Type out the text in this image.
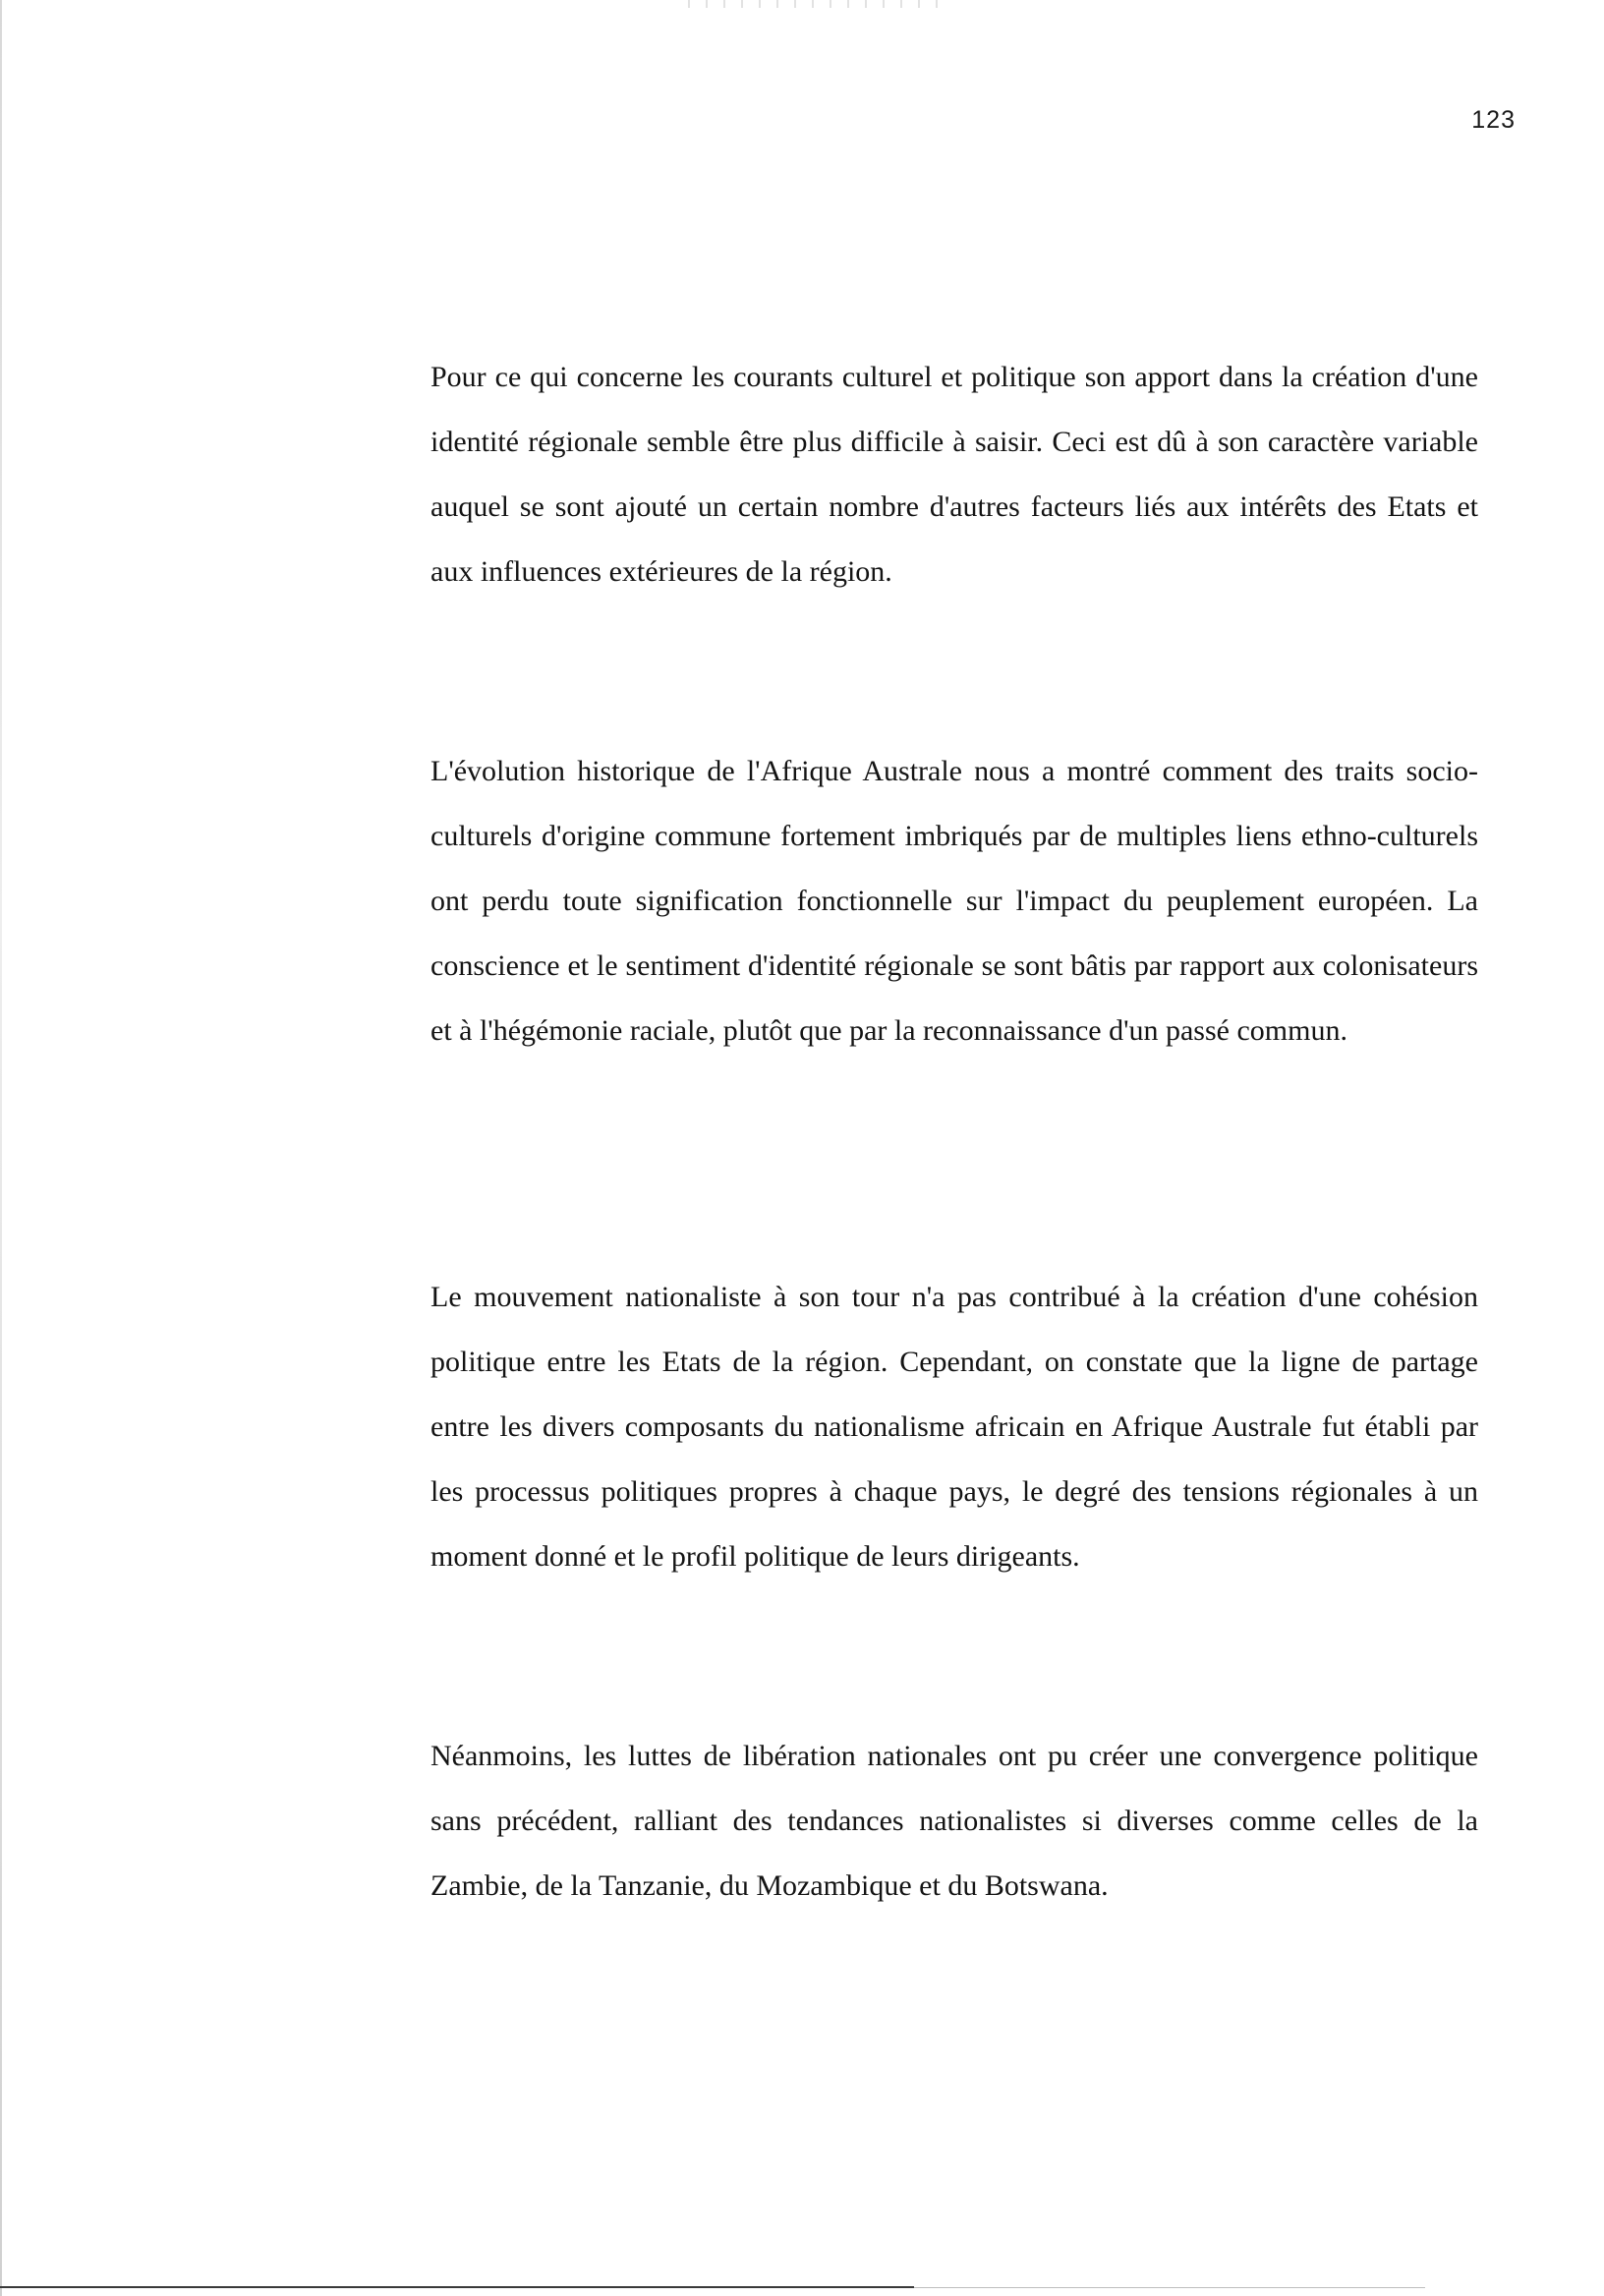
123

Pour ce qui concerne les courants culturel et politique son apport dans la création d'une identité régionale semble être plus difficile à saisir. Ceci est dû à son caractère variable auquel se sont ajouté un certain nombre d'autres facteurs liés aux intérêts des Etats et aux influences extérieures de la région.

L'évolution historique de l'Afrique Australe nous a montré comment des traits socio-culturels d'origine commune fortement imbriqués par de multiples liens ethno-culturels ont perdu toute signification fonctionnelle sur l'impact du peuplement européen. La conscience et le sentiment d'identité régionale se sont bâtis par rapport aux colonisateurs et à l'hégémonie raciale, plutôt que par la reconnaissance d'un passé commun.

Le mouvement nationaliste à son tour n'a pas contribué à la création d'une cohésion politique entre les Etats de la région. Cependant, on constate que la ligne de partage entre les divers composants du nationalisme africain en Afrique Australe fut établi par les processus politiques propres à chaque pays, le degré des tensions régionales à un moment donné et le profil politique de leurs dirigeants.

Néanmoins, les luttes de libération nationales ont pu créer une convergence politique sans précédent, ralliant des tendances nationalistes si diverses comme celles de la Zambie, de la Tanzanie, du Mozambique et du Botswana.
